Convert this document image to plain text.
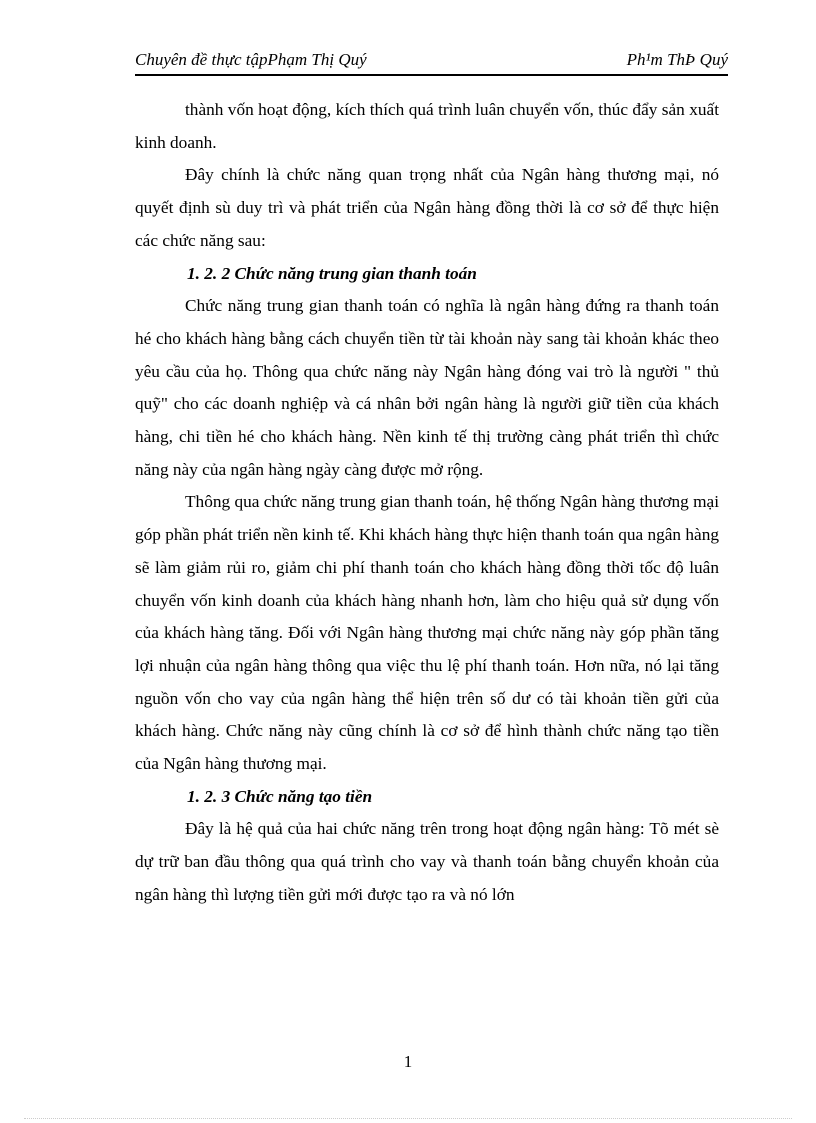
Chuyên đề thực tậpPhạm Thị Quý	Ph¹m ThÞ Quý

thành vốn hoạt động, kích thích quá trình luân chuyển vốn, thúc đẩy sản xuất kinh doanh.

Đây chính là chức năng quan trọng nhất của Ngân hàng thương mại, nó quyết định sù duy trì và phát triển của Ngân hàng đồng thời là cơ sở để thực hiện các chức năng sau:

1. 2. 2 Chức năng trung gian thanh toán

Chức năng trung gian thanh toán có nghĩa là ngân hàng đứng ra thanh toán hé cho khách hàng bằng cách chuyển tiền từ tài khoản này sang tài khoản khác theo yêu cầu của họ. Thông qua chức năng này Ngân hàng đóng vai trò là người " thủ quỹ" cho các doanh nghiệp và cá nhân bởi ngân hàng là người giữ tiền của khách hàng, chi tiền hé cho khách hàng. Nền kinh tế thị trường càng phát triển thì chức năng này của ngân hàng ngày càng được mở rộng.

Thông qua chức năng trung gian thanh toán, hệ thống Ngân hàng thương mại góp phần phát triển nền kinh tế. Khi khách hàng thực hiện thanh toán qua ngân hàng sẽ làm giảm rủi ro, giảm chi phí thanh toán cho khách hàng đồng thời tốc độ luân chuyển vốn kinh doanh của khách hàng nhanh hơn, làm cho hiệu quả sử dụng vốn của khách hàng tăng. Đối với Ngân hàng thương mại chức năng này góp phần tăng lợi nhuận của ngân hàng thông qua việc thu lệ phí thanh toán. Hơn nữa, nó lại tăng nguồn vốn cho vay của ngân hàng thể hiện trên số dư có tài khoản tiền gửi của khách hàng. Chức năng này cũng chính là cơ sở để hình thành chức năng tạo tiền của Ngân hàng thương mại.

1. 2. 3 Chức năng tạo tiền

Đây là hệ quả của hai chức năng trên trong hoạt động ngân hàng: Tõ mét sè dự trữ ban đầu thông qua quá trình cho vay và thanh toán bằng chuyển khoản của ngân hàng thì lượng tiền gửi mới được tạo ra và nó lớn

1
